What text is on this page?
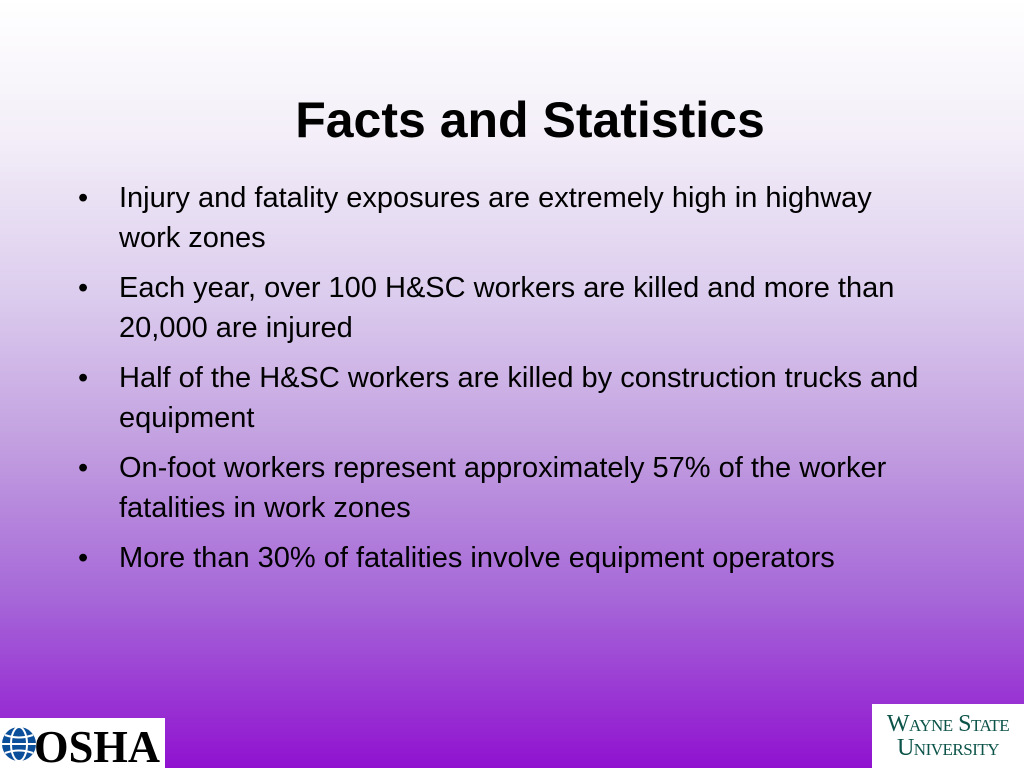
Facts and Statistics
• Injury and fatality exposures are extremely high in highway work zones
• Each year, over 100 H&SC workers are killed and more than 20,000 are injured
• Half of the H&SC workers are killed by construction trucks and equipment
• On-foot workers represent approximately 57% of the worker fatalities in work zones
• More than 30% of fatalities involve equipment operators
OSHA	Wayne State
University
